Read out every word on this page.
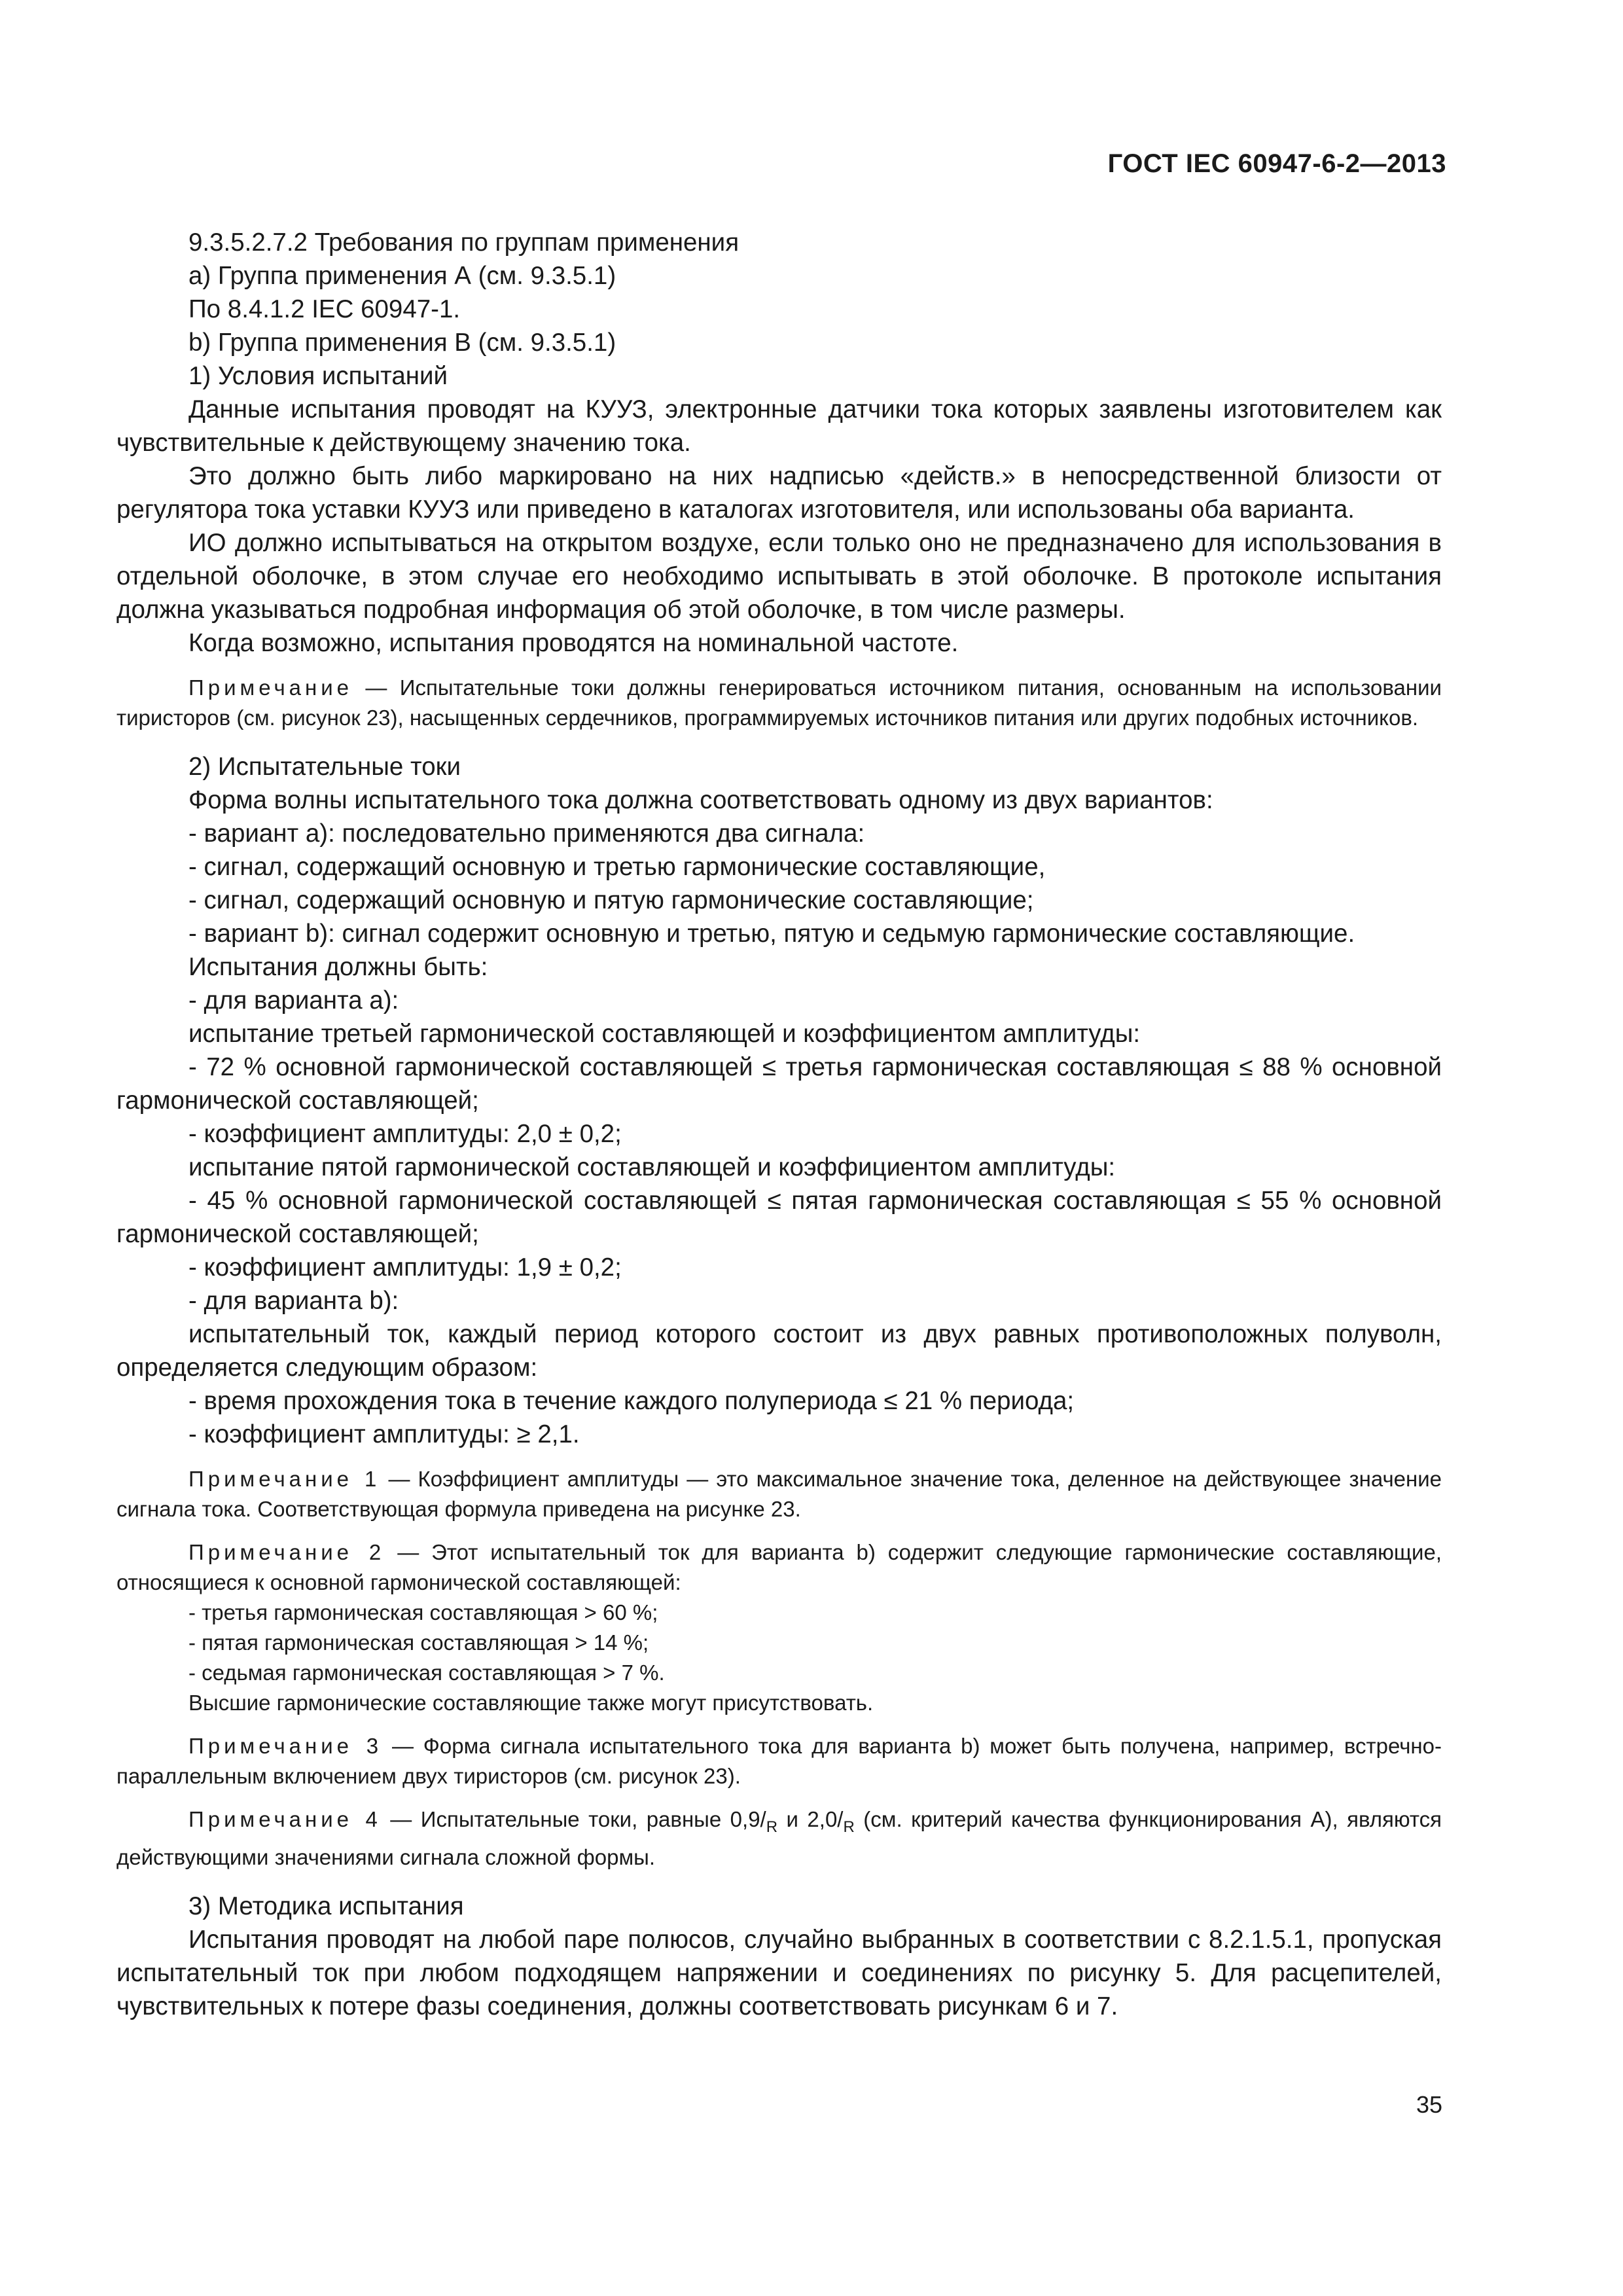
ГОСТ IEC 60947-6-2—2013

9.3.5.2.7.2 Требования по группам применения

a) Группа применения А (см. 9.3.5.1)

По 8.4.1.2 IEC 60947-1.

b) Группа применения В (см. 9.3.5.1)

1) Условия испытаний

Данные испытания проводят на КУУЗ, электронные датчики тока которых заявлены изготовителем как чувствительные к действующему значению тока.

Это должно быть либо маркировано на них надписью «действ.» в непосредственной близости от регулятора тока уставки КУУЗ или приведено в каталогах изготовителя, или использованы оба варианта.

ИО должно испытываться на открытом воздухе, если только оно не предназначено для использования в отдельной оболочке, в этом случае его необходимо испытывать в этой оболочке. В протоколе испытания должна указываться подробная информация об этой оболочке, в том числе размеры.

Когда возможно, испытания проводятся на номинальной частоте.

Примечание — Испытательные токи должны генерироваться источником питания, основанным на использовании тиристоров (см. рисунок 23), насыщенных сердечников, программируемых источников питания или других подобных источников.

2) Испытательные токи

Форма волны испытательного тока должна соответствовать одному из двух вариантов:

- вариант a): последовательно применяются два сигнала:

- сигнал, содержащий основную и третью гармонические составляющие,

- сигнал, содержащий основную и пятую гармонические составляющие;

- вариант b): сигнал содержит основную и третью, пятую и седьмую гармонические составляющие.

Испытания должны быть:

- для варианта a):

испытание третьей гармонической составляющей и коэффициентом амплитуды:

- 72 % основной гармонической составляющей ≤ третья гармоническая составляющая ≤ 88 % основной гармонической составляющей;

- коэффициент амплитуды: 2,0 ± 0,2;

испытание пятой гармонической составляющей и коэффициентом амплитуды:

- 45 % основной гармонической составляющей ≤ пятая гармоническая составляющая ≤ 55 % основной гармонической составляющей;

- коэффициент амплитуды: 1,9 ± 0,2;

- для варианта b):

испытательный ток, каждый период которого состоит из двух равных противоположных полуволн, определяется следующим образом:

- время прохождения тока в течение каждого полупериода ≤ 21 % периода;

- коэффициент амплитуды: ≥ 2,1.

Примечание 1 — Коэффициент амплитуды — это максимальное значение тока, деленное на действующее значение сигнала тока. Соответствующая формула приведена на рисунке 23.

Примечание 2 — Этот испытательный ток для варианта b) содержит следующие гармонические составляющие, относящиеся к основной гармонической составляющей:

- третья гармоническая составляющая > 60 %;

- пятая гармоническая составляющая > 14 %;

- седьмая гармоническая составляющая > 7 %.

Высшие гармонические составляющие также могут присутствовать.

Примечание 3 — Форма сигнала испытательного тока для варианта b) может быть получена, например, встречно-параллельным включением двух тиристоров (см. рисунок 23).

Примечание 4 — Испытательные токи, равные $0,9/_R$ и $2,0/_R$ (см. критерий качества функционирования А), являются действующими значениями сигнала сложной формы.

3) Методика испытания

Испытания проводят на любой паре полюсов, случайно выбранных в соответствии с 8.2.1.5.1, пропуская испытательный ток при любом подходящем напряжении и соединениях по рисунку 5. Для расцепителей, чувствительных к потере фазы соединения, должны соответствовать рисункам 6 и 7.

35
